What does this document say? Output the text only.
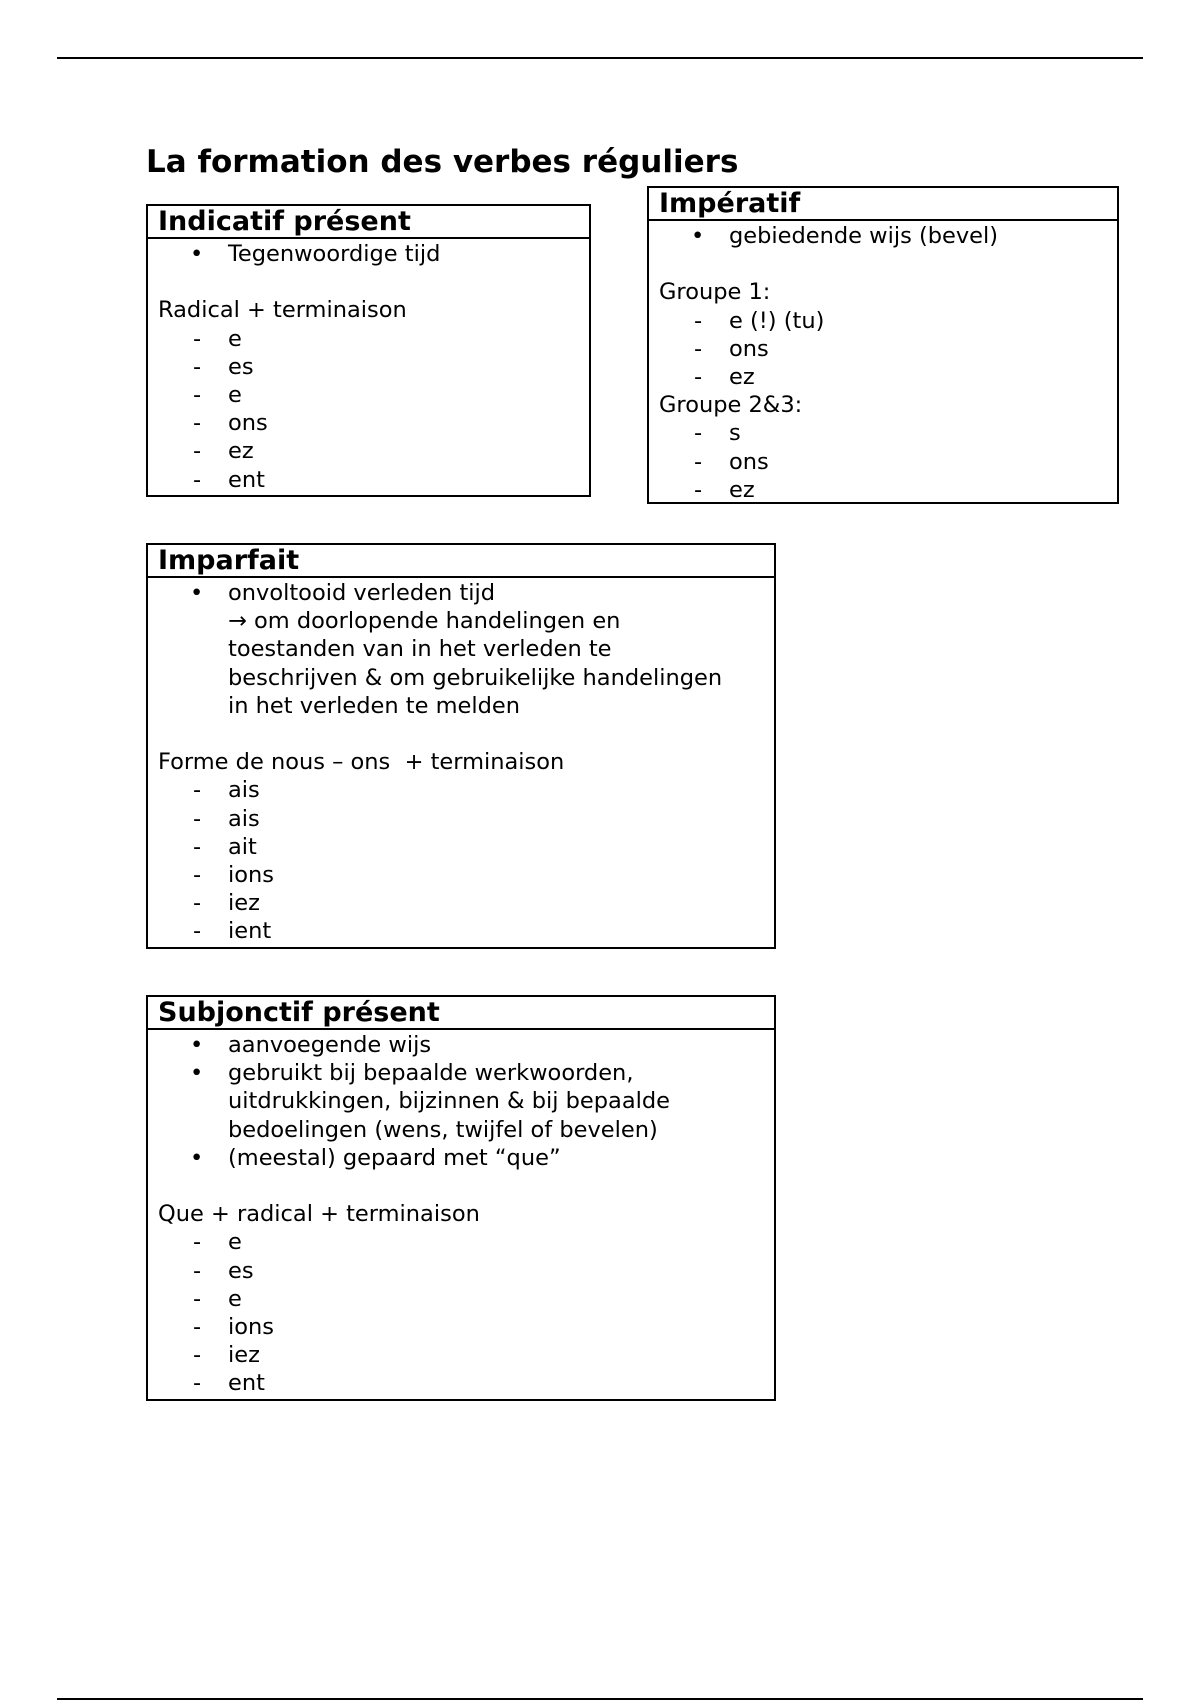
La formation des verbes réguliers
Indicatif présent
• Tegenwoordige tijd
Radical + terminaison
- e
- es
- e
- ons
- ez
- ent
Impératif
• gebiedende wijs (bevel)
Groupe 1:
- e (!) (tu)
- ons
- ez
Groupe 2&3:
- s
- ons
- ez
Imparfait
• onvoltooid verleden tijd
→ om doorlopende handelingen en
toestanden van in het verleden te
beschrijven & om gebruikelijke handelingen
in het verleden te melden
Forme de nous – ons  + terminaison
- ais
- ais
- ait
- ions
- iez
- ient
Subjonctif présent
• aanvoegende wijs
• gebruikt bij bepaalde werkwoorden,
uitdrukkingen, bijzinnen & bij bepaalde
bedoelingen (wens, twijfel of bevelen)
• (meestal) gepaard met “que”
Que + radical + terminaison
- e
- es
- e
- ions
- iez
- ent
